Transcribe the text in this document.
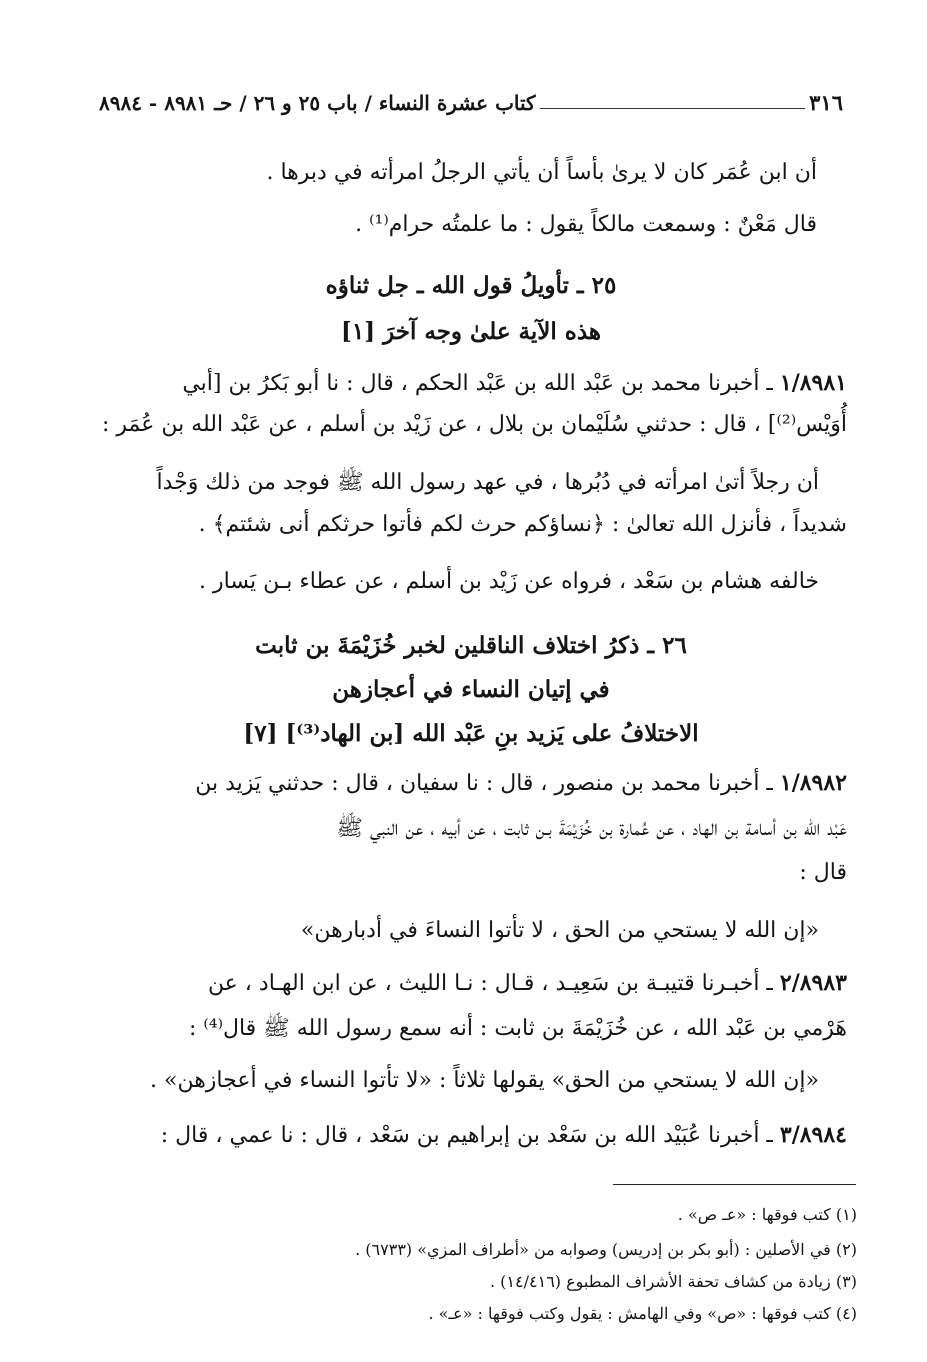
٣١٦
كتاب عشرة النساء / باب ٢٥ و ٢٦ / حـ ٨٩٨١ - ٨٩٨٤
أن ابن عُمَر كان لا يرىٰ بأساً أن يأتي الرجلُ امرأته في دبرها .
قال مَعْنٌ : وسمعت مالكاً يقول : ما علمتُه حرام⁽¹⁾ .
٢٥ ـ تأويلُ قول الله ـ جل ثناؤه
هذه الآية علىٰ وجه آخرَ [١]
١/٨٩٨١ ـ أخبرنا محمد بن عَبْد الله بن عَبْد الحكم ، قال : نا أبو بَكرُ بن [أبي
أُوَيْس⁽²⁾] ، قال : حدثني سُلَيْمان بن بلال ، عن زَيْد بن أسلم ، عن عَبْد الله بن عُمَر :
أن رجلاً أتىٰ امرأته في دُبُرها ، في عهد رسول الله ﷺ فوجد من ذلك وَجْداً
شديداً ، فأنزل الله تعالىٰ : ﴿نساؤكم حرث لكم فأتوا حرثكم أنى شئتم﴾ .
خالفه هشام بن سَعْد ، فرواه عن زَيْد بن أسلم ، عن عطاء بـن يَسار .
٢٦ ـ ذكرُ اختلاف الناقلين لخبر خُزَيْمَةَ بن ثابت
في إتيان النساء في أعجازهن
الاختلافُ على يَزيد بنِ عَبْد الله [بن الهاد⁽³⁾] [٧]
١/٨٩٨٢ ـ أخبرنا محمد بن منصور ، قال : نا سفيان ، قال : حدثني يَزيد بن
عَبْد الله بن أسامة بن الهاد ، عن عُمارة بن خُزَيْمَةَ بـن ثابت ، عن أبيه ، عن النبي ﷺ
قال :
«إن الله لا يستحي من الحق ، لا تأتوا النساءَ في أدبارهن»
٢/٨٩٨٣ ـ أخبـرنا قتيبـة بن سَعِيـد ، قـال : نـا الليث ، عن ابن الهـاد ، عن
هَرْمي بن عَبْد الله ، عن خُزَيْمَةَ بن ثابت : أنه سمع رسول الله ﷺ قال⁽⁴⁾ :
«إن الله لا يستحي من الحق» يقولها ثلاثاً : «لا تأتوا النساء في أعجازهن» .
٣/٨٩٨٤ ـ أخبرنا عُبَيْد الله بن سَعْد بن إبراهيم بن سَعْد ، قال : نا عمي ، قال :
(١) كتب فوقها : «عـ ص» .
(٢) في الأصلين : (أبو بكر بن إدريس) وصوابه من «أطراف المزي» (٦٧٣٣) .
(٣) زيادة من كشاف تحفة الأشراف المطبوع (١٤/٤١٦) .
(٤) كتب فوقها : «ص» وفي الهامش : يقول وكتب فوقها : «عـ» .
